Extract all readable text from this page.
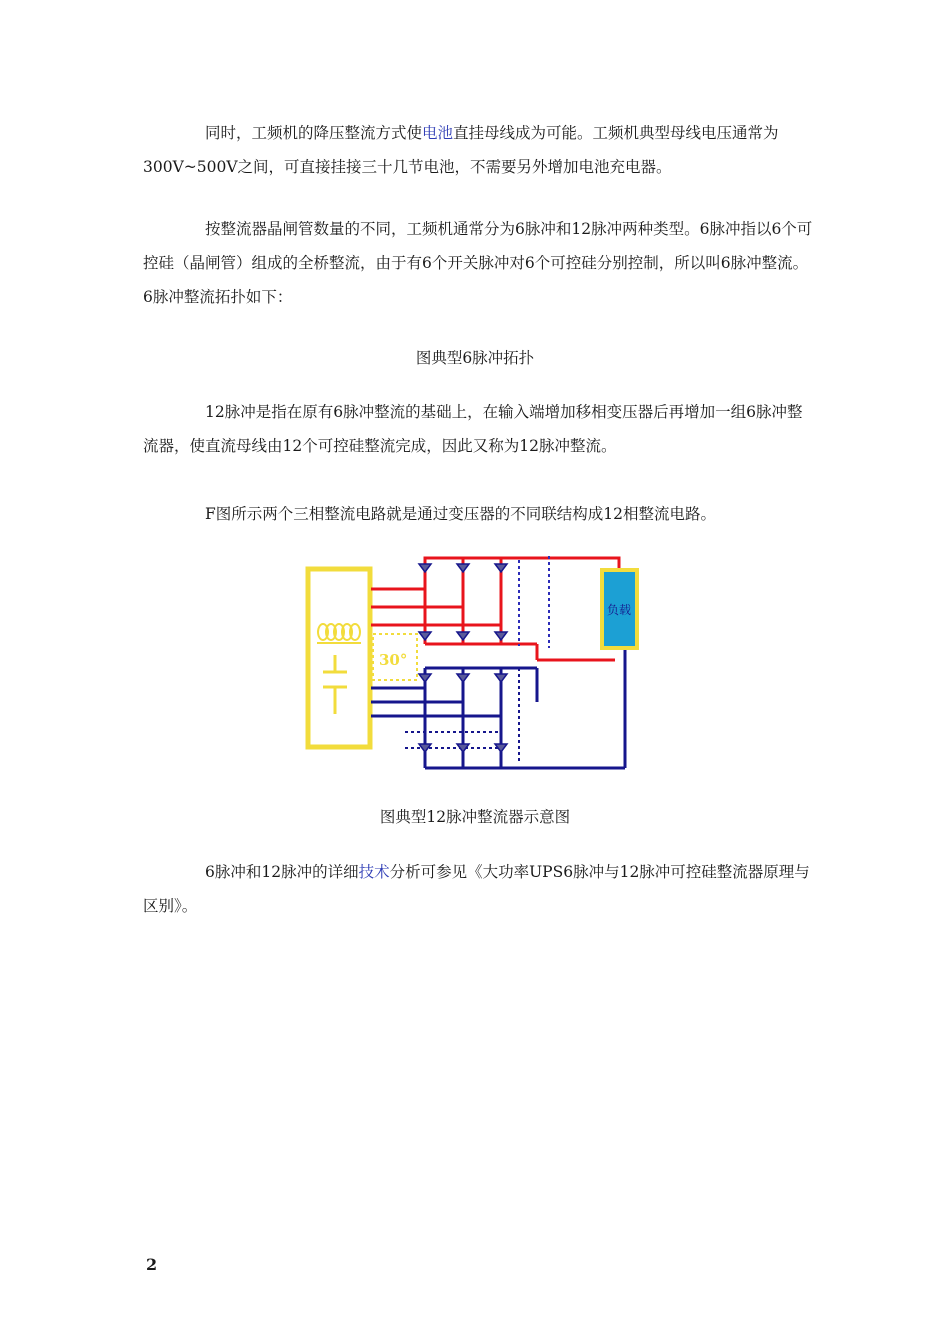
同时，工频机的降压整流方式使电池直挂母线成为可能。工频机典型母线电压通常为300V~500V之间，可直接挂接三十几节电池，不需要另外增加电池充电器。

按整流器晶闸管数量的不同，工频机通常分为6脉冲和12脉冲两种类型。6脉冲指以6个可控硅（晶闸管）组成的全桥整流，由于有6个开关脉冲对6个可控硅分别控制，所以叫6脉冲整流。6脉冲整流拓扑如下：

图典型6脉冲拓扑

12脉冲是指在原有6脉冲整流的基础上，在输入端增加移相变压器后再增加一组6脉冲整流器，使直流母线由12个可控硅整流完成，因此又称为12脉冲整流。

F图所示两个三相整流电路就是通过变压器的不同联结构成12相整流电路。

30°
负载

图典型12脉冲整流器示意图

6脉冲和12脉冲的详细技术分析可参见《大功率UPS6脉冲与12脉冲可控硅整流器原理与区别》。

2
